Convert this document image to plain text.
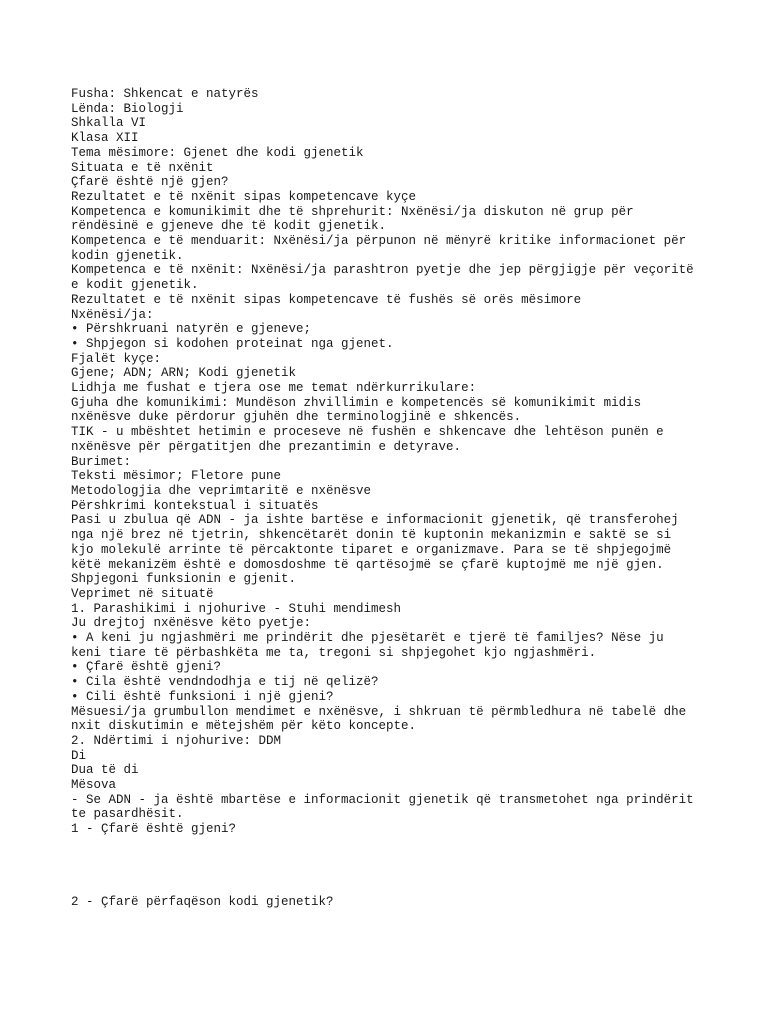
Fusha: Shkencat e natyrës

Lënda: Biologji

Shkalla VI

Klasa XII

Tema mësimore: Gjenet dhe kodi gjenetik

Situata e të nxënit

Çfarë është një gjen?

Rezultatet e të nxënit sipas kompetencave kyçe

Kompetenca e komunikimit dhe të shprehurit: Nxënësi/ja diskuton në grup për

rëndësinë e gjeneve dhe të kodit gjenetik.

Kompetenca e të menduarit: Nxënësi/ja përpunon në mënyrë kritike informacionet për

kodin gjenetik.

Kompetenca e të nxënit: Nxënësi/ja parashtron pyetje dhe jep përgjigje për veçoritë

e kodit gjenetik.

Rezultatet e të nxënit sipas kompetencave të fushës së orës mësimore

Nxënësi/ja:

• Përshkruani natyrën e gjeneve;

• Shpjegon si kodohen proteinat nga gjenet.

Fjalët kyçe:

Gjene; ADN; ARN; Kodi gjenetik

Lidhja me fushat e tjera ose me temat ndërkurrikulare:

Gjuha dhe komunikimi: Mundëson zhvillimin e kompetencës së komunikimit midis

nxënësve duke përdorur gjuhën dhe terminologjinë e shkencës.

TIK - u mbështet hetimin e proceseve në fushën e shkencave dhe lehtëson punën e

nxënësve për përgatitjen dhe prezantimin e detyrave.

Burimet:

Teksti mësimor; Fletore pune

Metodologjia dhe veprimtaritë e nxënësve

Përshkrimi kontekstual i situatës

Pasi u zbulua që ADN - ja ishte bartëse e informacionit gjenetik, që transferohej

nga një brez në tjetrin, shkencëtarët donin të kuptonin mekanizmin e saktë se si

kjo molekulë arrinte të përcaktonte tiparet e organizmave. Para se të shpjegojmë

këtë mekanizëm është e domosdoshme të qartësojmë se çfarë kuptojmë me një gjen.

Shpjegoni funksionin e gjenit.

Veprimet në situatë

1. Parashikimi i njohurive - Stuhi mendimesh

Ju drejtoj nxënësve këto pyetje:

• A keni ju ngjashmëri me prindërit dhe pjesëtarët e tjerë të familjes? Nëse ju

keni tiare të përbashkëta me ta, tregoni si shpjegohet kjo ngjashmëri.

• Çfarë është gjeni?

• Cila është vendndodhja e tij në qelizë?

• Cili është funksioni i një gjeni?

Mësuesi/ja grumbullon mendimet e nxënësve, i shkruan të përmbledhura në tabelë dhe

nxit diskutimin e mëtejshëm për këto koncepte.

2. Ndërtimi i njohurive: DDM

Di

Dua të di

Mësova

- Se ADN - ja është mbartëse e informacionit gjenetik që transmetohet nga prindërit

te pasardhësit.

1 - Çfarë është gjeni?

2 - Çfarë përfaqëson kodi gjenetik?
